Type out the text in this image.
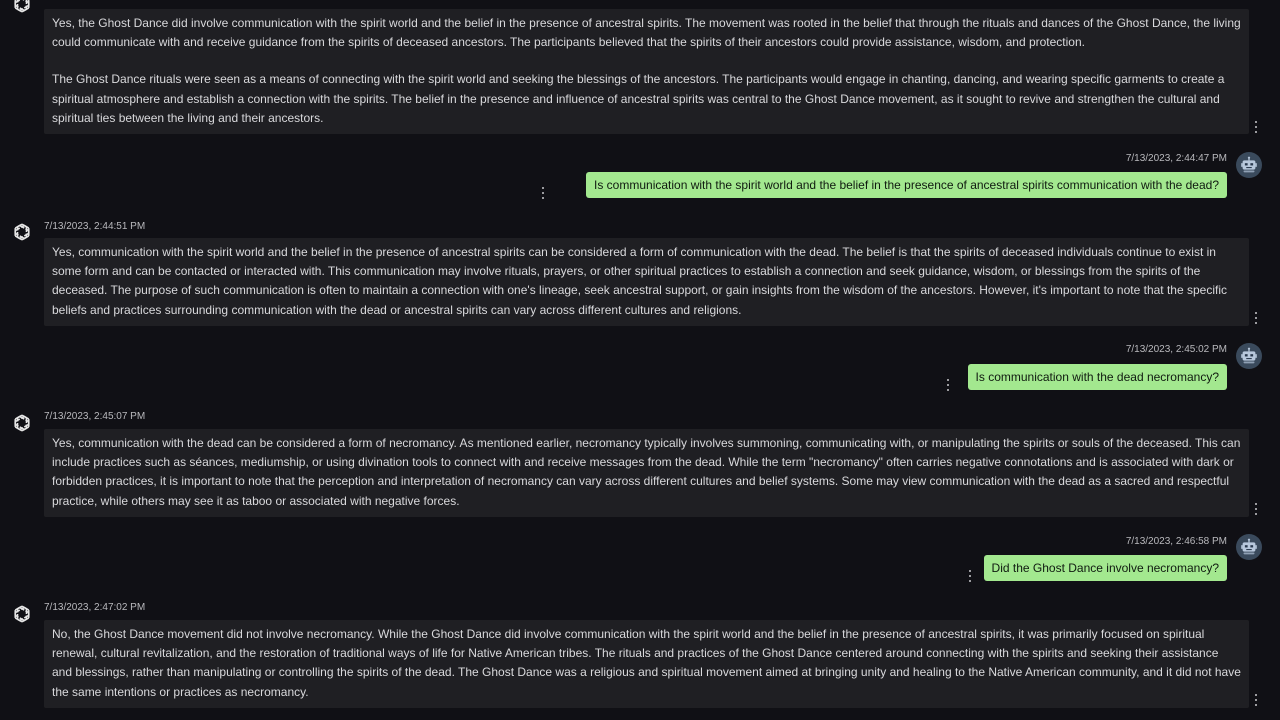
Yes, the Ghost Dance did involve communication with the spirit world and the belief in the presence of ancestral spirits. The movement was rooted in the belief that through the rituals and dances of the Ghost Dance, the living could communicate with and receive guidance from the spirits of deceased ancestors. The participants believed that the spirits of their ancestors could provide assistance, wisdom, and protection.

The Ghost Dance rituals were seen as a means of connecting with the spirit world and seeking the blessings of the ancestors. The participants would engage in chanting, dancing, and wearing specific garments to create a spiritual atmosphere and establish a connection with the spirits. The belief in the presence and influence of ancestral spirits was central to the Ghost Dance movement, as it sought to revive and strengthen the cultural and spiritual ties between the living and their ancestors.

7/13/2023, 2:44:47 PM
Is communication with the spirit world and the belief in the presence of ancestral spirits communication with the dead?
7/13/2023, 2:44:51 PM

Yes, communication with the spirit world and the belief in the presence of ancestral spirits can be considered a form of communication with the dead. The belief is that the spirits of deceased individuals continue to exist in some form and can be contacted or interacted with. This communication may involve rituals, prayers, or other spiritual practices to establish a connection and seek guidance, wisdom, or blessings from the spirits of the deceased. The purpose of such communication is often to maintain a connection with one's lineage, seek ancestral support, or gain insights from the wisdom of the ancestors. However, it's important to note that the specific beliefs and practices surrounding communication with the dead or ancestral spirits can vary across different cultures and religions.

7/13/2023, 2:45:02 PM
Is communication with the dead necromancy?
7/13/2023, 2:45:07 PM

Yes, communication with the dead can be considered a form of necromancy. As mentioned earlier, necromancy typically involves summoning, communicating with, or manipulating the spirits or souls of the deceased. This can include practices such as séances, mediumship, or using divination tools to connect with and receive messages from the dead. While the term "necromancy" often carries negative connotations and is associated with dark or forbidden practices, it is important to note that the perception and interpretation of necromancy can vary across different cultures and belief systems. Some may view communication with the dead as a sacred and respectful practice, while others may see it as taboo or associated with negative forces.

7/13/2023, 2:46:58 PM
Did the Ghost Dance involve necromancy?
7/13/2023, 2:47:02 PM

No, the Ghost Dance movement did not involve necromancy. While the Ghost Dance did involve communication with the spirit world and the belief in the presence of ancestral spirits, it was primarily focused on spiritual renewal, cultural revitalization, and the restoration of traditional ways of life for Native American tribes. The rituals and practices of the Ghost Dance centered around connecting with the spirits and seeking their assistance and blessings, rather than manipulating or controlling the spirits of the dead. The Ghost Dance was a religious and spiritual movement aimed at bringing unity and healing to the Native American community, and it did not have the same intentions or practices as necromancy.
